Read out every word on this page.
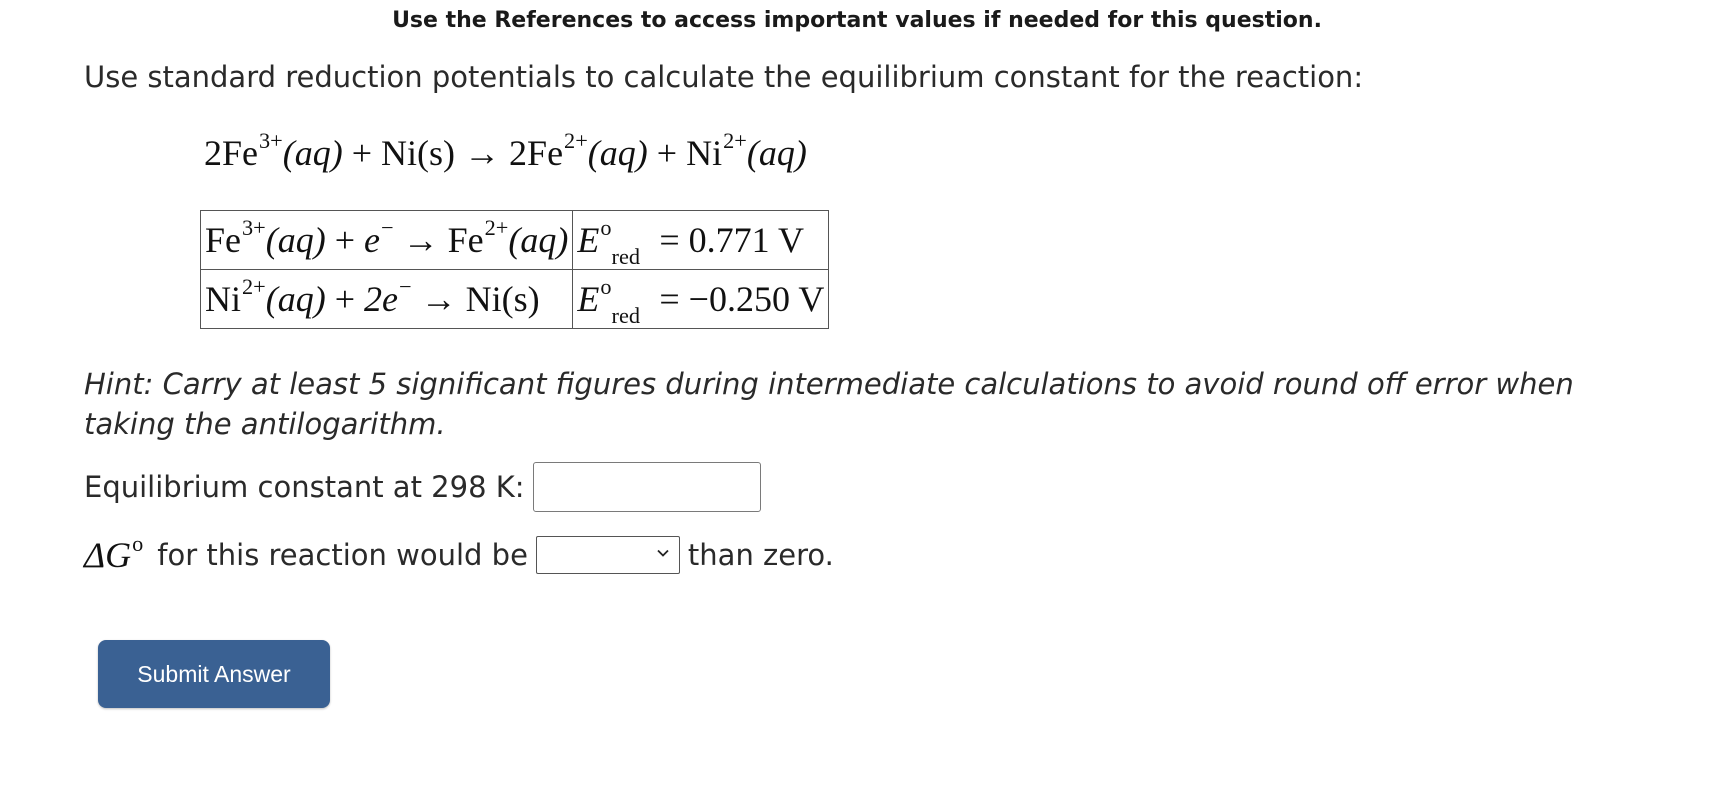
Use the References to access important values if needed for this question.
Use standard reduction potentials to calculate the equilibrium constant for the reaction:
$2Fe^{3+}(aq) + Ni(s) \to 2Fe^{2+}(aq) + Ni^{2+}(aq)$
$Fe^{3+}(aq) + e^- \to Fe^{2+}(aq)$	$E^o_{red} = 0.771$ V
$Ni^{2+}(aq) + 2e^- \to Ni(s)$	$E^o_{red} = -0.250$ V
Hint: Carry at least 5 significant figures during intermediate calculations to avoid round off error when taking the antilogarithm.
Equilibrium constant at 298 K:
$\Delta G^o$ for this reaction would be	than zero.
Submit Answer
